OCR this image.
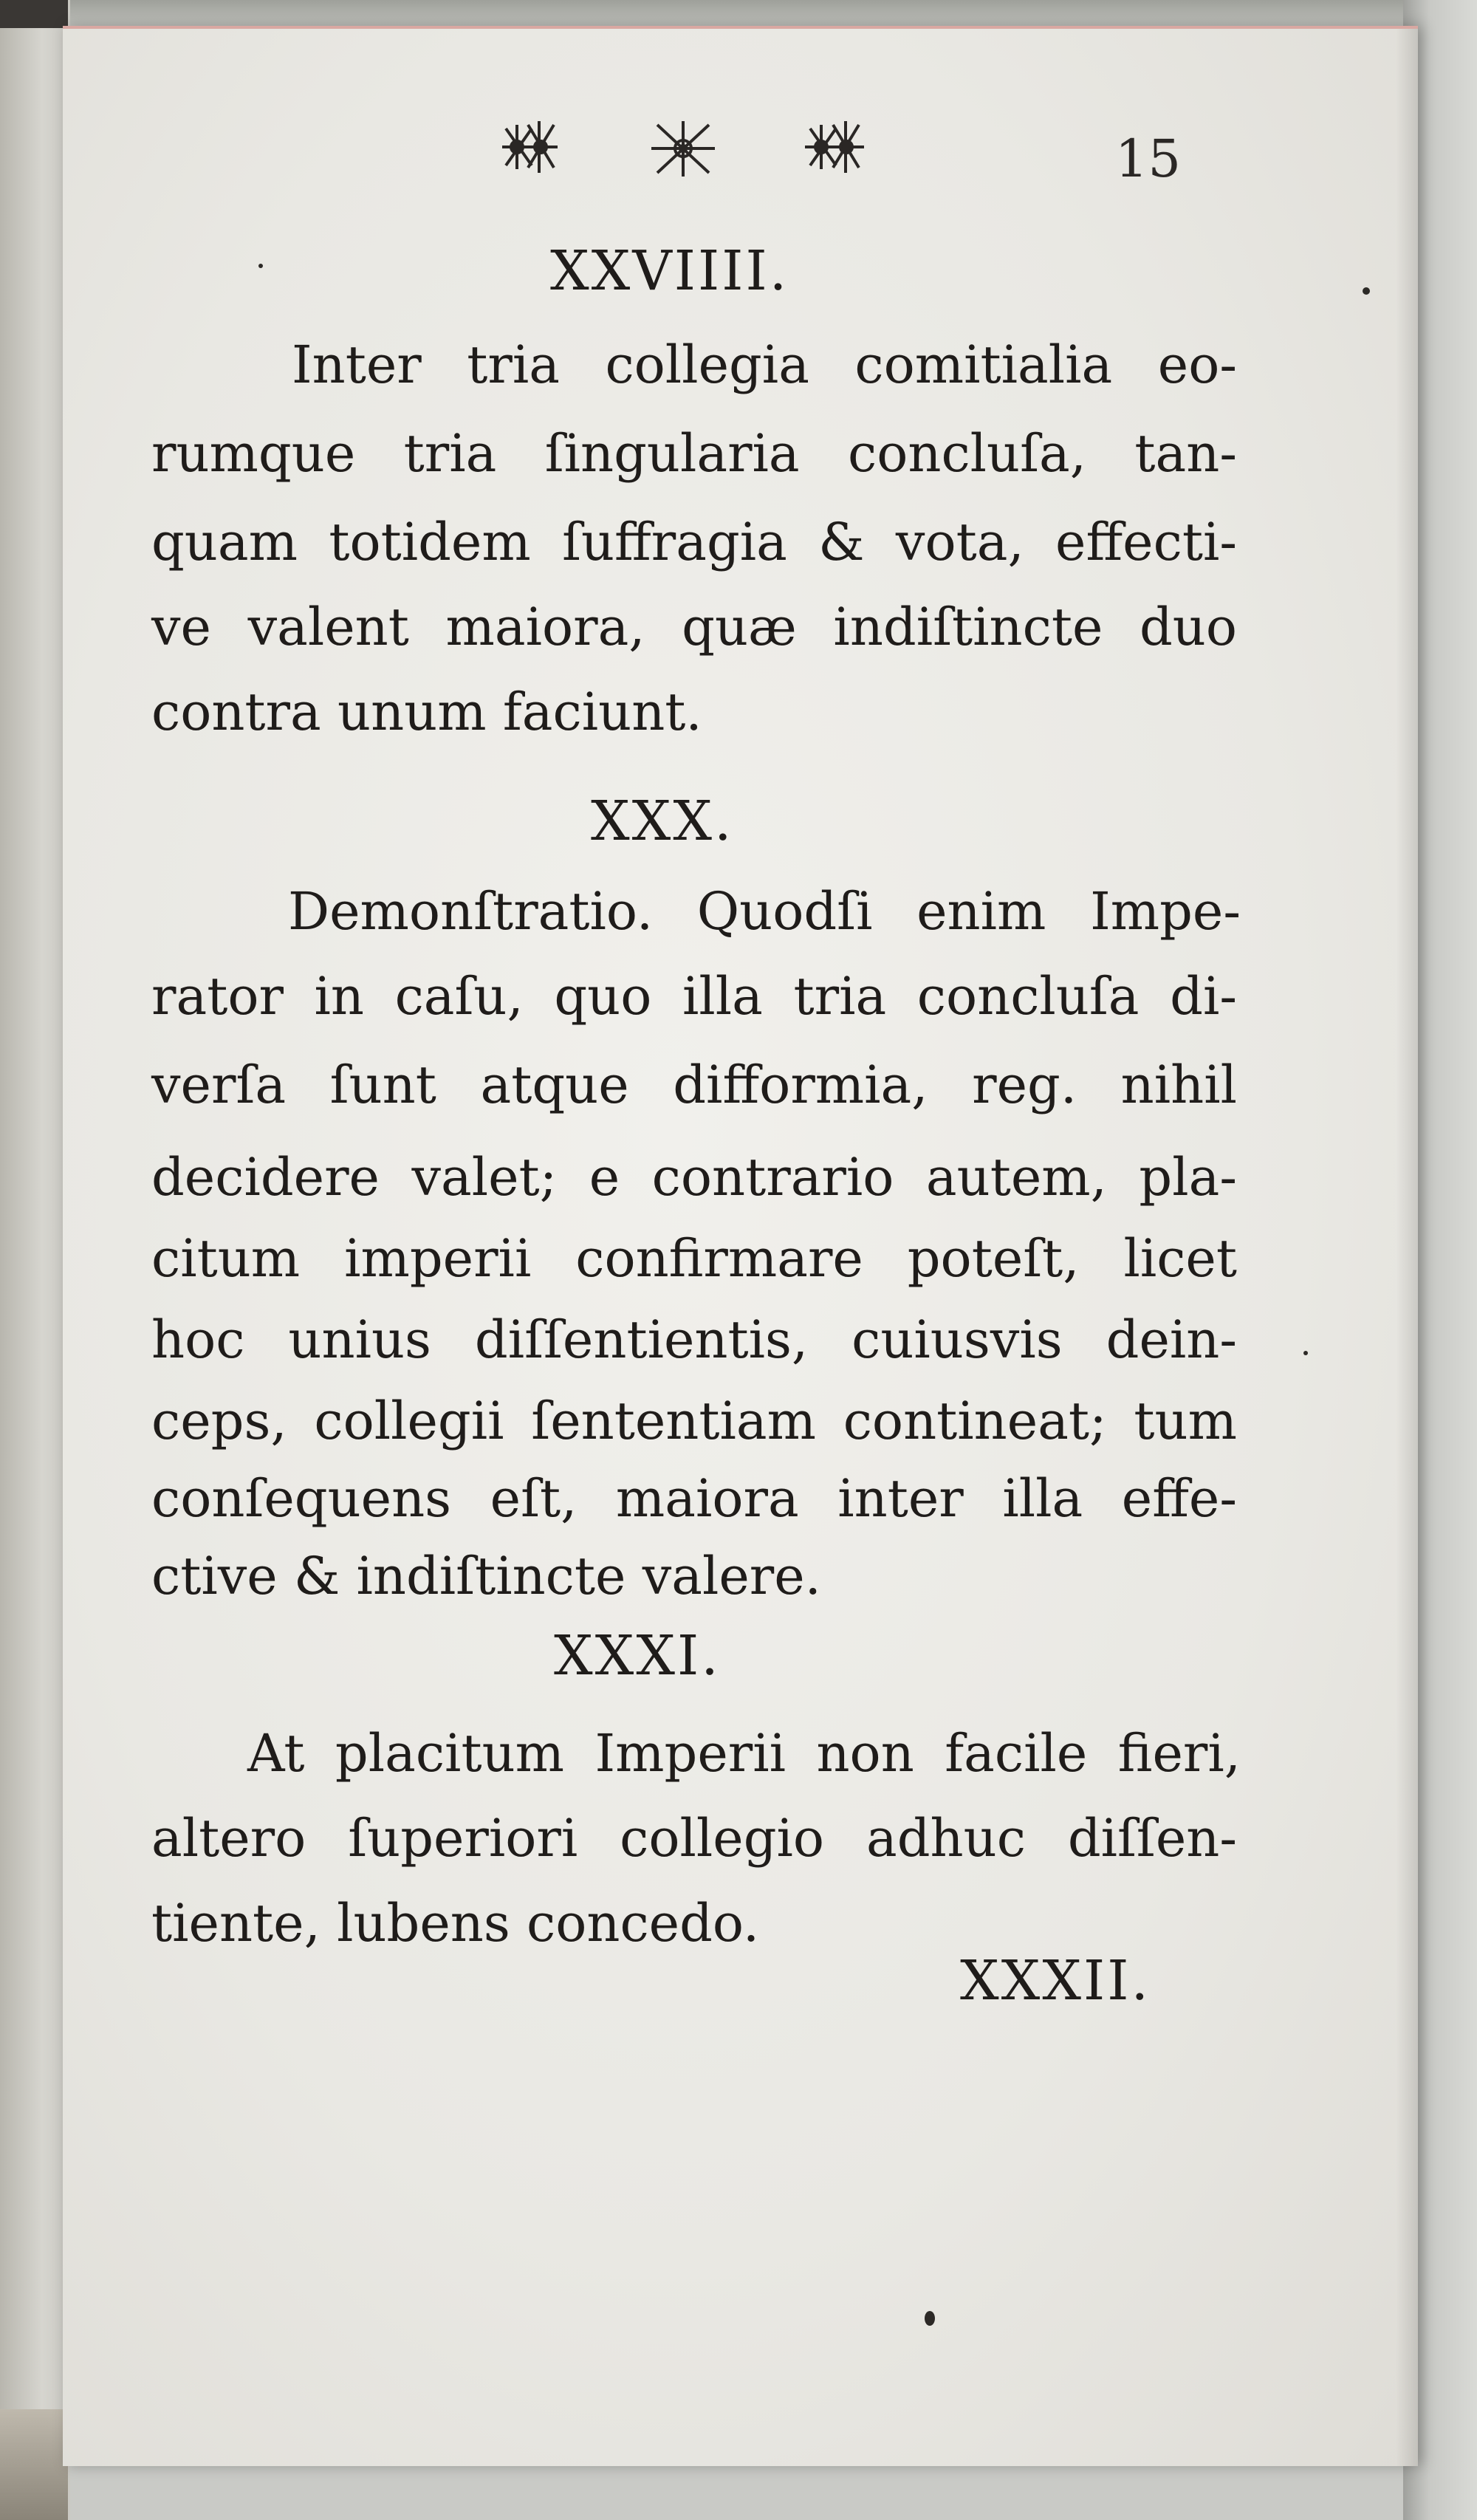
15
XXVIIII.
Inter tria collegia comitialia eo-
rumque tria ſingularia concluſa, tan-
quam totidem ſuffragia & vota, effecti-
ve valent maiora, quæ indiſtincte duo
contra unum faciunt.
XXX.
Demonſtratio. Quodſi enim Impe-
rator in caſu, quo illa tria concluſa di-
verſa ſunt atque difformia, reg. nihil
decidere valet; e contrario autem, pla-
citum imperii confirmare poteſt, licet
hoc unius diſſentientis, cuiusvis dein-
ceps, collegii ſententiam contineat; tum
conſequens eſt, maiora inter illa effe-
ctive & indiſtincte valere.
XXXI.
At placitum Imperii non facile fieri,
altero ſuperiori collegio adhuc diſſen-
tiente, lubens concedo.
XXXII.
